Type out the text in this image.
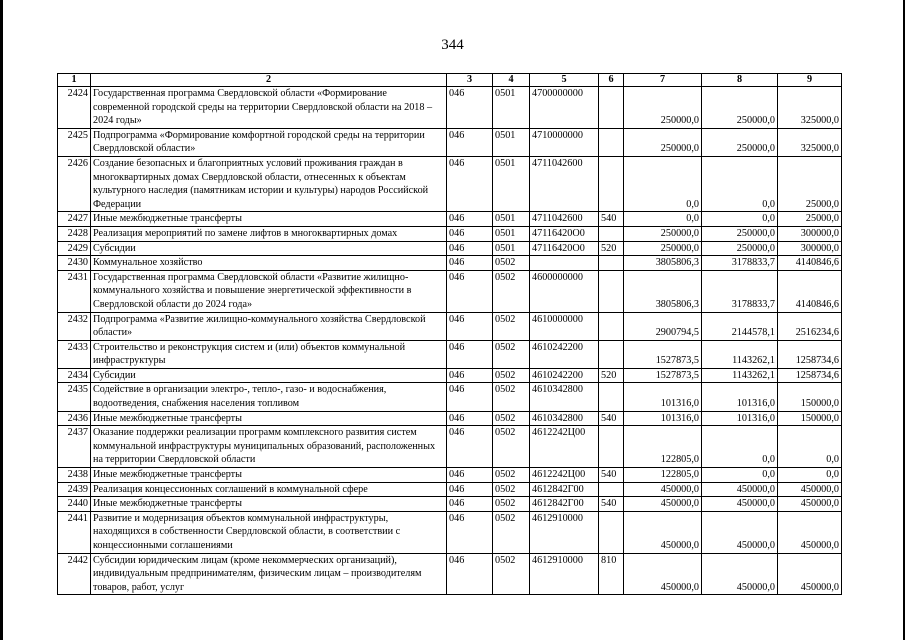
344
1	2	3	4	5	6	7	8	9
2424	Государственная программа Свердловской области «Формирование современной городской среды на территории Свердловской области на 2018 – 2024 годы»	046	0501	4700000000		250000,0	250000,0	325000,0
2425	Подпрограмма «Формирование комфортной городской среды на территории Свердловской области»	046	0501	4710000000		250000,0	250000,0	325000,0
2426	Создание безопасных и благоприятных условий проживания граждан в многоквартирных домах Свердловской области, отнесенных к объектам культурного наследия (памятникам истории и культуры) народов Российской Федерации	046	0501	4711042600		0,0	0,0	25000,0
2427	Иные межбюджетные трансферты	046	0501	4711042600	540	0,0	0,0	25000,0
2428	Реализация мероприятий по замене лифтов в многоквартирных домах	046	0501	47116420О0		250000,0	250000,0	300000,0
2429	Субсидии	046	0501	47116420О0	520	250000,0	250000,0	300000,0
2430	Коммунальное хозяйство	046	0502			3805806,3	3178833,7	4140846,6
2431	Государственная программа Свердловской области «Развитие жилищно-коммунального хозяйства и повышение энергетической эффективности в Свердловской области до 2024 года»	046	0502	4600000000		3805806,3	3178833,7	4140846,6
2432	Подпрограмма «Развитие жилищно-коммунального хозяйства Свердловской области»	046	0502	4610000000		2900794,5	2144578,1	2516234,6
2433	Строительство и реконструкция систем и (или) объектов коммунальной инфраструктуры	046	0502	4610242200		1527873,5	1143262,1	1258734,6
2434	Субсидии	046	0502	4610242200	520	1527873,5	1143262,1	1258734,6
2435	Содействие в организации электро-, тепло-, газо- и водоснабжения, водоотведения, снабжения населения топливом	046	0502	4610342800		101316,0	101316,0	150000,0
2436	Иные межбюджетные трансферты	046	0502	4610342800	540	101316,0	101316,0	150000,0
2437	Оказание поддержки реализации программ комплексного развития систем коммунальной инфраструктуры муниципальных образований, расположенных на территории Свердловской области	046	0502	4612242Ц00		122805,0	0,0	0,0
2438	Иные межбюджетные трансферты	046	0502	4612242Ц00	540	122805,0	0,0	0,0
2439	Реализация концессионных соглашений в коммунальной сфере	046	0502	4612842Г00		450000,0	450000,0	450000,0
2440	Иные межбюджетные трансферты	046	0502	4612842Г00	540	450000,0	450000,0	450000,0
2441	Развитие и модернизация объектов коммунальной инфраструктуры, находящихся в собственности Свердловской области, в соответствии с концессионными соглашениями	046	0502	4612910000		450000,0	450000,0	450000,0
2442	Субсидии юридическим лицам (кроме некоммерческих организаций), индивидуальным предпринимателям, физическим лицам – производителям товаров, работ, услуг	046	0502	4612910000	810	450000,0	450000,0	450000,0
